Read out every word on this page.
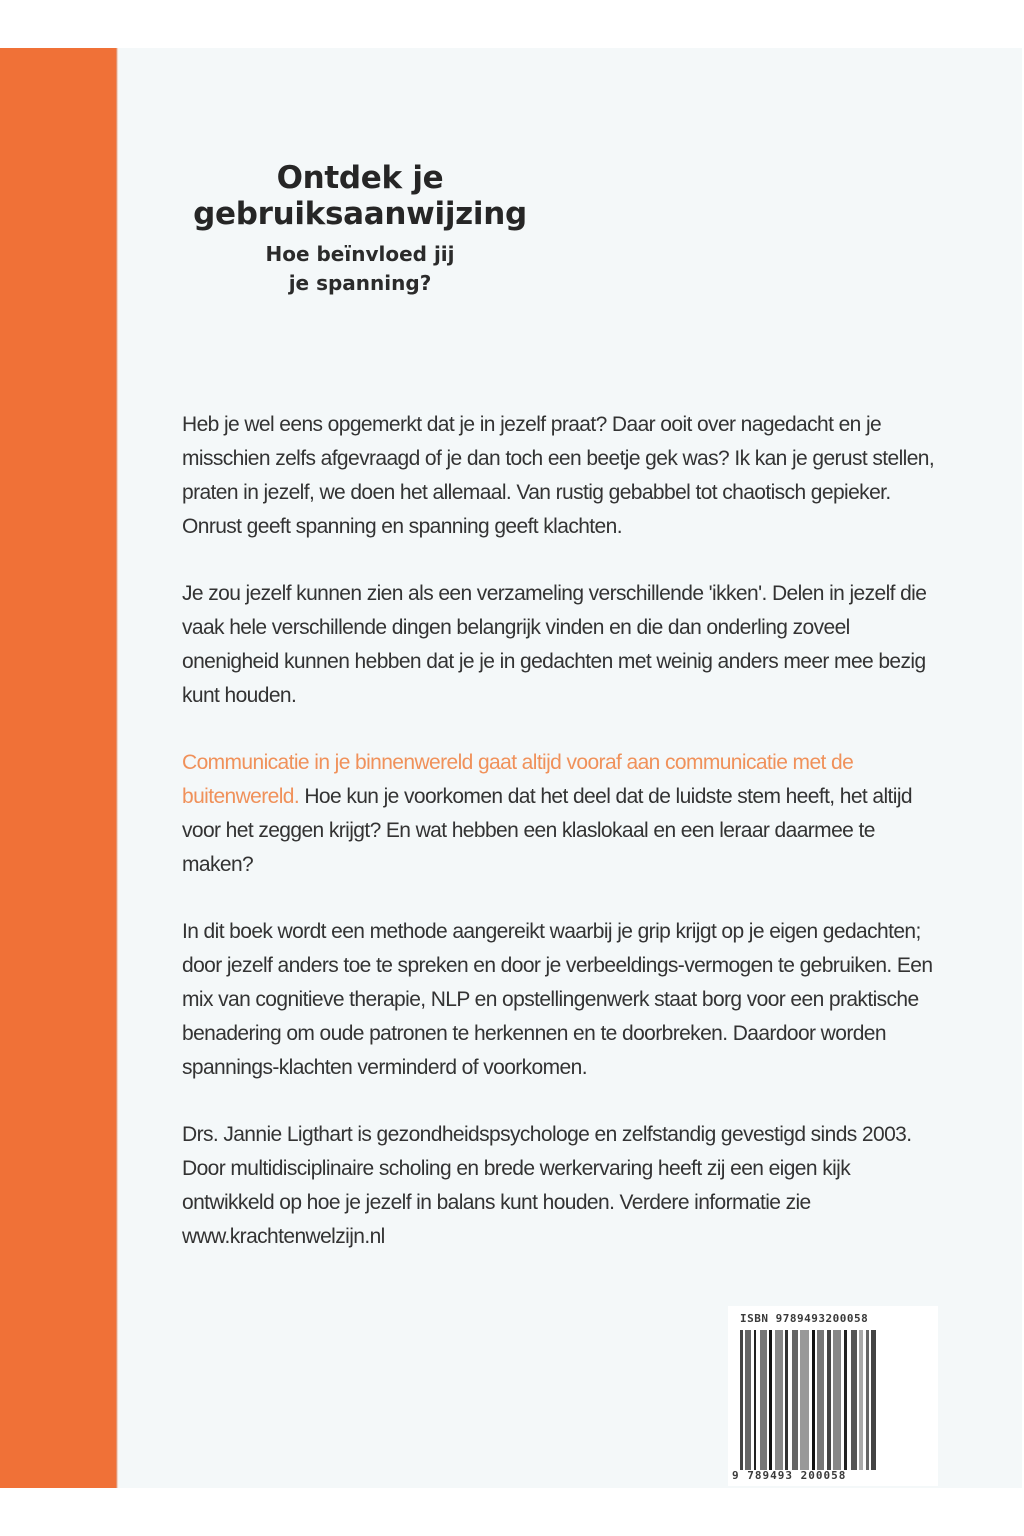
Ontdek je
gebruiksaanwijzing
Hoe beïnvloed jij
je spanning?

Heb je wel eens opgemerkt dat je in jezelf praat? Daar ooit over nagedacht en je misschien zelfs afgevraagd of je dan toch een beetje gek was? Ik kan je gerust stellen, praten in jezelf, we doen het allemaal. Van rustig gebabbel tot chaotisch gepieker. Onrust geeft spanning en spanning geeft klachten.

Je zou jezelf kunnen zien als een verzameling verschillende 'ikken'. Delen in jezelf die vaak hele verschillende dingen belangrijk vinden en die dan onderling zoveel onenigheid kunnen hebben dat je je in gedachten met weinig anders meer mee bezig kunt houden.

Communicatie in je binnenwereld gaat altijd vooraf aan communicatie met de buitenwereld. Hoe kun je voorkomen dat het deel dat de luidste stem heeft, het altijd voor het zeggen krijgt? En wat hebben een klaslokaal en een leraar daarmee te maken?

In dit boek wordt een methode aangereikt waarbij je grip krijgt op je eigen gedachten; door jezelf anders toe te spreken en door je verbeeldings-vermogen te gebruiken. Een mix van cognitieve therapie, NLP en opstellingenwerk staat borg voor een praktische benadering om oude patronen te herkennen en te doorbreken. Daardoor worden spannings-klachten verminderd of voorkomen.

Drs. Jannie Ligthart is gezondheidspsychologe en zelfstandig gevestigd sinds 2003. Door multidisciplinaire scholing en brede werkervaring heeft zij een eigen kijk ontwikkeld op hoe je jezelf in balans kunt houden. Verdere informatie zie www.krachtenwelzijn.nl

ISBN 9789493200058
9 789493 200058
